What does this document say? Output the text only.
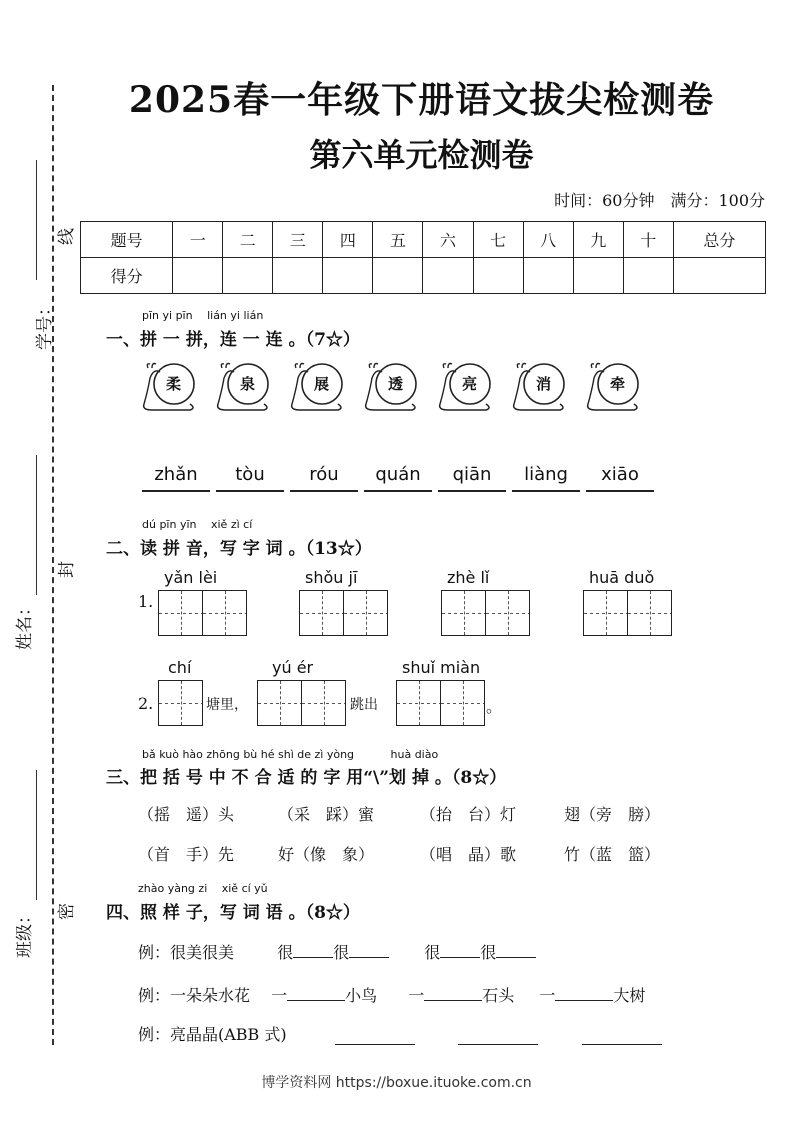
2025春一年级下册语文拔尖检测卷
第六单元检测卷
时间：60分钟　满分：100分
题号	一	二	三	四	五	六	七	八	九	十	总分
得分											
学号：
线
姓名：
封
班级： 密
pīn yi pīn　 lián yi lián
一、拼 一 拼，连 一 连 。（7☆）
柔	泉	展	透	亮	消	牵
zhǎn	tòu	róu	quán	qiān	liàng	xiāo
dú pīn yīn　 xiě zì cí
二、读 拼 音，写 字 词 。（13☆）
1.
yǎn lèi	shǒu jī	zhè lǐ	huā duǒ
2.
chí
塘里，
yú ér
跳出
shuǐ miàn
。
bǎ kuò hào zhōng bù hé shì de zì yòng　　　 huà diào
三、把 括 号 中 不 合 适 的 字 用“\”划 掉 。（8☆）
（摇　遥）头	（采　踩）蜜	（抬　台）灯	翅（旁　膀）
（首　手）先	好（像　象）	（唱　晶）歌	竹（蓝　篮）
zhào yàng zi　 xiě cí yǔ
四、照 样 子，写 词 语 。（8☆）
例：很美很美	很	很	很	很
例：一朵朵水花 一	小鸟 一	石头 一	大树
例：亮晶晶(ABB 式)
博学资料网 https://boxue.ituoke.com.cn
